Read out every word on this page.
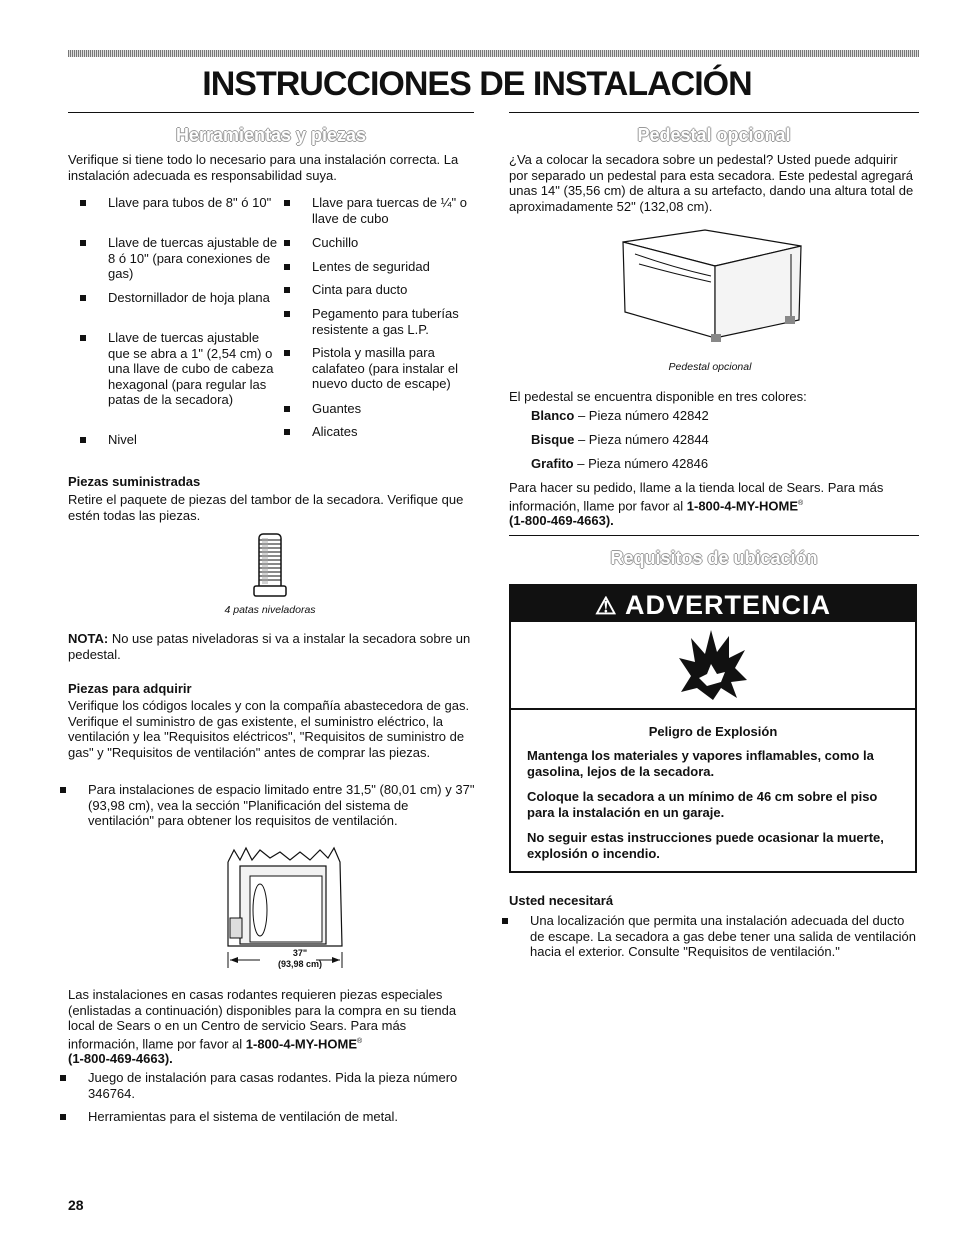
INSTRUCCIONES DE INSTALACIÓN
Herramientas y piezas

Verifique si tiene todo lo necesario para una instalación correcta. La instalación adecuada es responsabilidad suya.

Llave para tubos de 8" ó 10"
Llave de tuercas ajustable de 8 ó 10" (para conexiones de gas)
Destornillador de hoja plana
Llave de tuercas ajustable que se abra a 1" (2,54 cm) o una llave de cubo de cabeza hexagonal (para regular las patas de la secadora)
Nivel
Llave para tuercas de ¼" o llave de cubo
Cuchillo
Lentes de seguridad
Cinta para ducto
Pegamento para tuberías resistente a gas L.P.
Pistola y masilla para calafateo (para instalar el nuevo ducto de escape)
Guantes
Alicates
Piezas suministradas

Retire el paquete de piezas del tambor de la secadora. Verifique que estén todas las piezas.

4 patas niveladoras

NOTA: No use patas niveladoras si va a instalar la secadora sobre un pedestal.

Piezas para adquirir

Verifique los códigos locales y con la compañía abastecedora de gas. Verifique el suministro de gas existente, el suministro eléctrico, la ventilación y lea "Requisitos eléctricos", "Requisitos de suministro de gas" y "Requisitos de ventilación" antes de comprar las piezas.

Para instalaciones de espacio limitado entre 31,5" (80,01 cm) y 37" (93,98 cm), vea la sección "Planificación del sistema de ventilación" para obtener los requisitos de ventilación.
37"
(93,98 cm)

Las instalaciones en casas rodantes requieren piezas especiales (enlistadas a continuación) disponibles para la compra en su tienda local de Sears o en un Centro de servicio Sears. Para más información, llame por favor al 1-800-4-MY-HOME®
(1-800-469-4663).

Juego de instalación para casas rodantes. Pida la pieza número 346764.
Herramientas para el sistema de ventilación de metal.
28
Pedestal opcional

¿Va a colocar la secadora sobre un pedestal? Usted puede adquirir por separado un pedestal para esta secadora. Este pedestal agregará unas 14" (35,56 cm) de altura a su artefacto, dando una altura total de aproximadamente 52" (132,08 cm).

Pedestal opcional

El pedestal se encuentra disponible en tres colores:

Blanco – Pieza número 42842

Bisque – Pieza número 42844

Grafito – Pieza número 42846

Para hacer su pedido, llame a la tienda local de Sears. Para más información, llame por favor al 1-800-4-MY-HOME®
(1-800-469-4663).

Requisitos de ubicación
⚠ ADVERTENCIA

Peligro de Explosión

Mantenga los materiales y vapores inflamables, como la gasolina, lejos de la secadora.

Coloque la secadora a un mínimo de 46 cm sobre el piso para la instalación en un garaje.

No seguir estas instrucciones puede ocasionar la muerte, explosión o incendio.

Usted necesitará
Una localización que permita una instalación adecuada del ducto de escape. La secadora a gas debe tener una salida de ventilación hacia el exterior. Consulte "Requisitos de ventilación."
